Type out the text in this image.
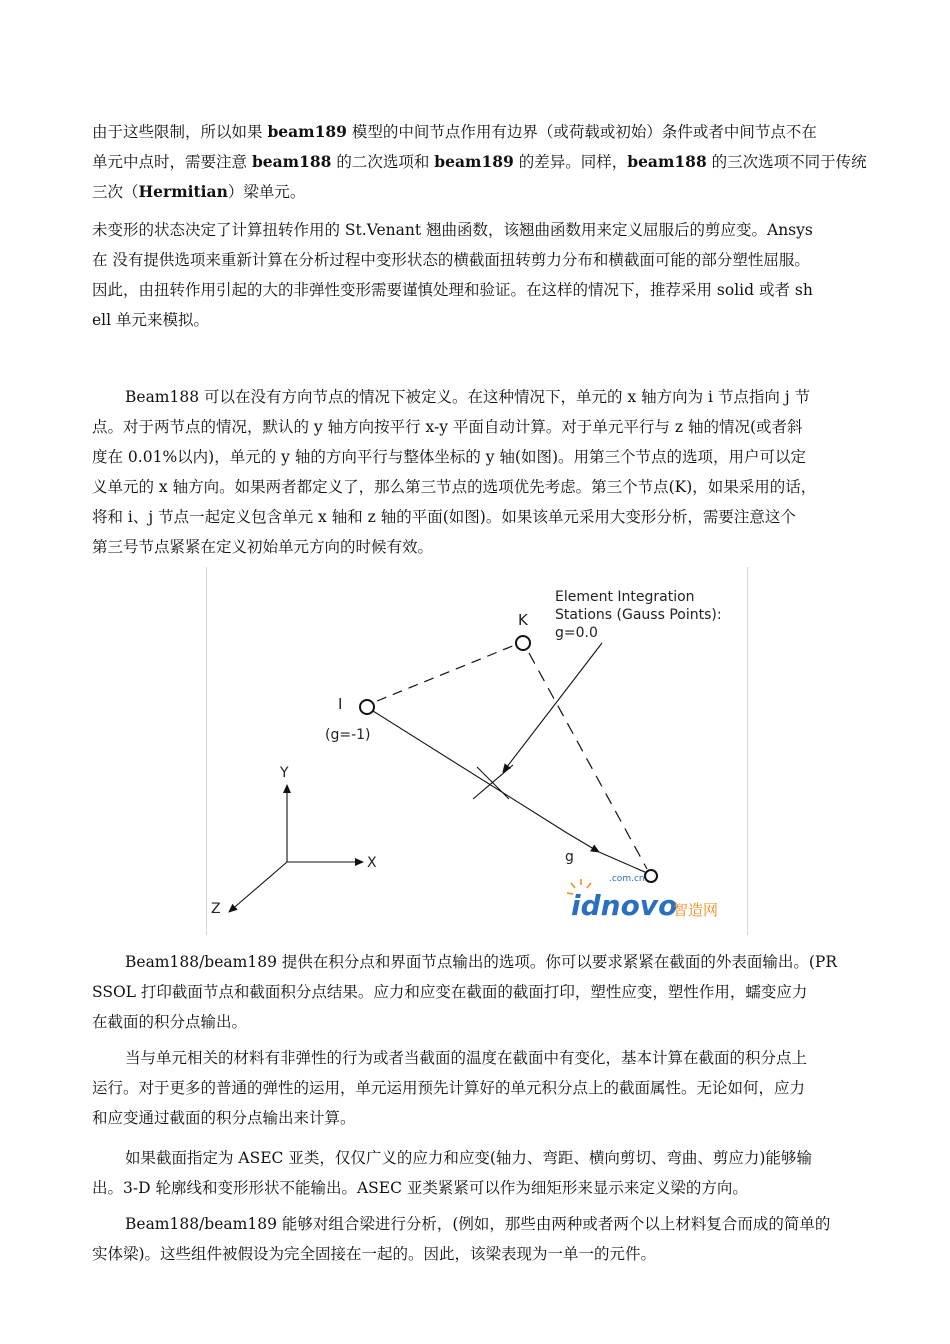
由于这些限制，所以如果 beam189 模型的中间节点作用有边界（或荷载或初始）条件或者中间节点不在
单元中点时，需要注意 beam188 的二次选项和 beam189 的差异。同样，beam188 的三次选项不同于传统
三次（Hermitian）梁单元。
未变形的状态决定了计算扭转作用的 St.Venant 翘曲函数，该翘曲函数用来定义屈服后的剪应变。Ansys
在 没有提供选项来重新计算在分析过程中变形状态的横截面扭转剪力分布和横截面可能的部分塑性屈服。
因此，由扭转作用引起的大的非弹性变形需要谨慎处理和验证。在这样的情况下，推荐采用 solid 或者 sh
ell 单元来模拟。
Beam188 可以在没有方向节点的情况下被定义。在这种情况下，单元的 x 轴方向为 i 节点指向 j 节
点。对于两节点的情况，默认的 y 轴方向按平行 x-y 平面自动计算。对于单元平行与 z 轴的情况(或者斜
度在 0.01%以内)，单元的 y 轴的方向平行与整体坐标的 y 轴(如图)。用第三个节点的选项，用户可以定
义单元的 x 轴方向。如果两者都定义了，那么第三节点的选项优先考虑。第三个节点(K)，如果采用的话，
将和 i、j 节点一起定义包含单元 x 轴和 z 轴的平面(如图)。如果该单元采用大变形分析，需要注意这个
第三号节点紧紧在定义初始单元方向的时候有效。
Element Integration
Stations (Gauss Points):
g=0.0
K
I
(g=-1)
Y
X
Z
g
.com.cn
idnovo
智造网
Beam188/beam189 提供在积分点和界面节点输出的选项。你可以要求紧紧在截面的外表面输出。(PR
SSOL 打印截面节点和截面积分点结果。应力和应变在截面的截面打印，塑性应变，塑性作用，蠕变应力
在截面的积分点输出。
当与单元相关的材料有非弹性的行为或者当截面的温度在截面中有变化，基本计算在截面的积分点上
运行。对于更多的普通的弹性的运用，单元运用预先计算好的单元积分点上的截面属性。无论如何，应力
和应变通过截面的积分点输出来计算。
如果截面指定为 ASEC 亚类，仅仅广义的应力和应变(轴力、弯距、横向剪切、弯曲、剪应力)能够输
出。3-D 轮廓线和变形形状不能输出。ASEC 亚类紧紧可以作为细矩形来显示来定义梁的方向。
Beam188/beam189 能够对组合梁进行分析，(例如，那些由两种或者两个以上材料复合而成的简单的
实体梁)。这些组件被假设为完全固接在一起的。因此，该梁表现为一单一的元件。
